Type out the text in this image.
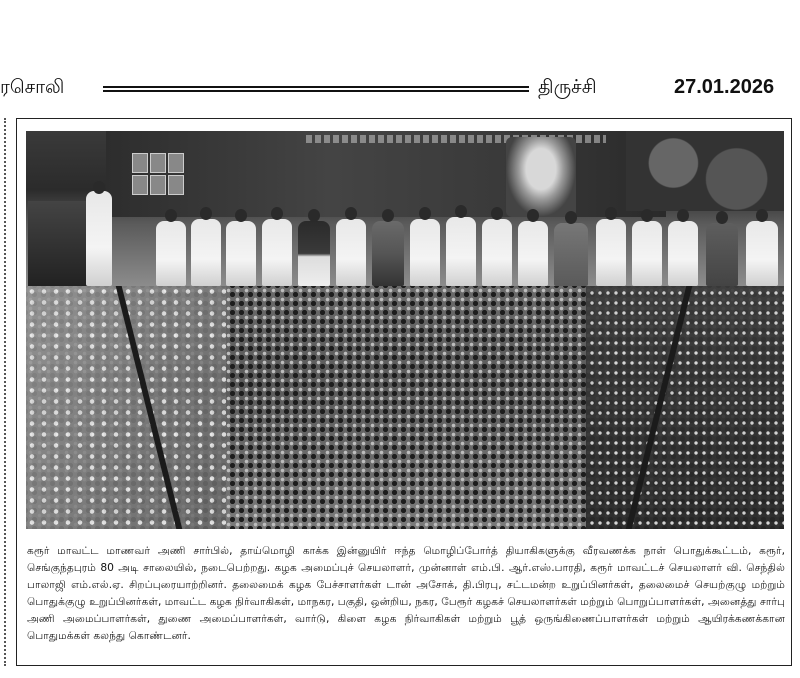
ரசொலி	திருச்சி	27.01.2026

கரூர் மாவட்ட மாணவர் அணி சார்பில், தாய்மொழி காக்க இன்னுயிர் ஈந்த மொழிப்போர்த் தியாகிகளுக்கு வீரவணக்க நாள் பொதுக்கூட்டம், கரூர், செங்குந்தபுரம் 80 அடி சாலையில், நடைபெற்றது. கழக அமைப்புச் செயலாளர், முன்னாள் எம்.பி. ஆர்.எஸ்.பாரதி, கரூர் மாவட்டச் செயலாளர் வி. செந்தில் பாலாஜி எம்.எல்.ஏ. சிறப்புரையாற்றினர். தலைமைக் கழக பேச்சாளர்கள் டான் அசோக், தி.பிரபு, சட்டமன்ற உறுப்பினர்கள், தலைமைச் செயற்குழு மற்றும் பொதுக்குழு உறுப்பினர்கள், மாவட்ட கழக நிர்வாகிகள், மாநகர, பகுதி, ஒன்றிய, நகர, பேரூர் கழகச் செயலாளர்கள் மற்றும் பொறுப்பாளர்கள், அனைத்து சார்பு அணி அமைப்பாளர்கள், துணை அமைப்பாளர்கள், வார்டு, கிளை கழக நிர்வாகிகள் மற்றும் பூத் ஒருங்கிணைப்பாளர்கள் மற்றும் ஆயிரக்கணக்கான பொதுமக்கள் கலந்து கொண்டனர்.
